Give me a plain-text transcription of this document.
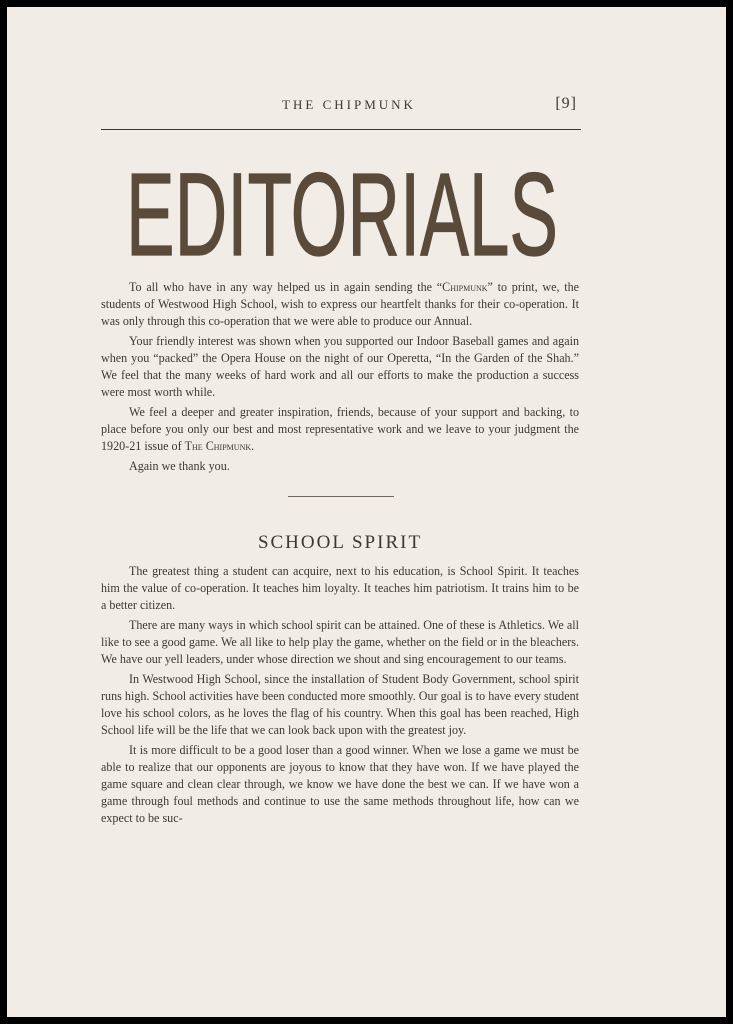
THE CHIPMUNK	[9]
EDITORIALS

To all who have in any way helped us in again sending the “Chipmunk” to print, we, the students of Westwood High School, wish to express our heartfelt thanks for their co-operation. It was only through this co-operation that we were able to produce our Annual.

Your friendly interest was shown when you supported our Indoor Baseball games and again when you “packed” the Opera House on the night of our Operetta, “In the Garden of the Shah.” We feel that the many weeks of hard work and all our efforts to make the production a success were most worth while.

We feel a deeper and greater inspiration, friends, because of your support and backing, to place before you only our best and most representative work and we leave to your judgment the 1920-21 issue of The Chipmunk.

Again we thank you.

SCHOOL SPIRIT

The greatest thing a student can acquire, next to his education, is School Spirit. It teaches him the value of co-operation. It teaches him loyalty. It teaches him patriotism. It trains him to be a better citizen.

There are many ways in which school spirit can be attained. One of these is Athletics. We all like to see a good game. We all like to help play the game, whether on the field or in the bleachers. We have our yell leaders, under whose direction we shout and sing encouragement to our teams.

In Westwood High School, since the installation of Student Body Government, school spirit runs high. School activities have been conducted more smoothly. Our goal is to have every student love his school colors, as he loves the flag of his country. When this goal has been reached, High School life will be the life that we can look back upon with the greatest joy.

It is more difficult to be a good loser than a good winner. When we lose a game we must be able to realize that our opponents are joyous to know that they have won. If we have played the game square and clean clear through, we know we have done the best we can. If we have won a game through foul methods and continue to use the same methods throughout life, how can we expect to be suc-
